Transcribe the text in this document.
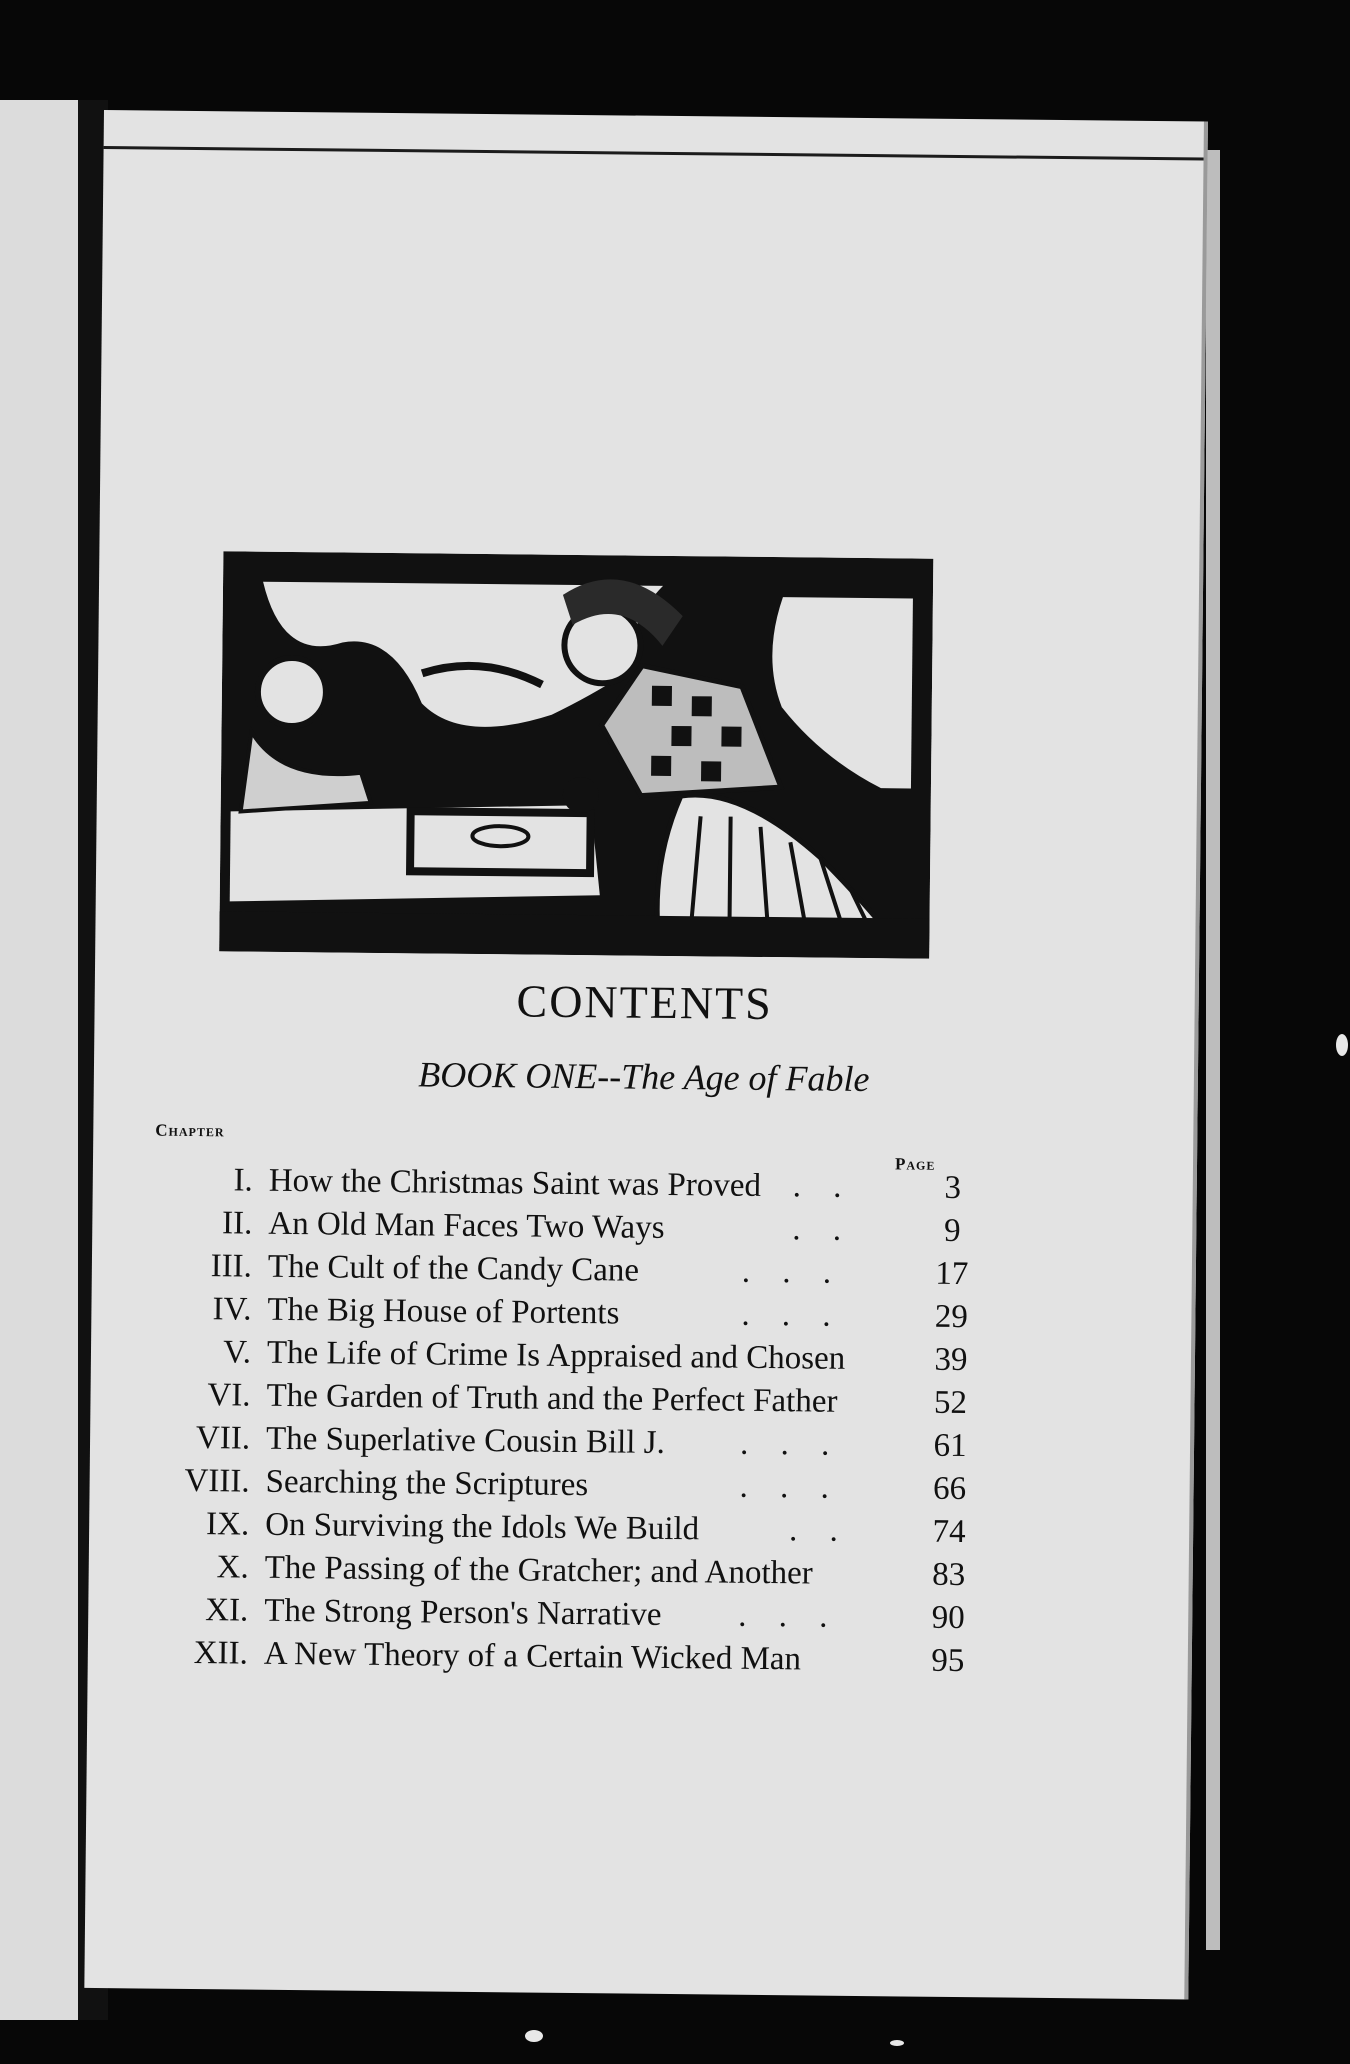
CONTENTS
BOOK ONE--The Age of Fable
Chapter
Page
I. How the Christmas Saint was Proved . .	3
II. An Old Man Faces Two Ways	. .	9
III. The Cult of the Candy Cane	. . .	17
IV. The Big House of Portents	. . .	29
V. The Life of Crime Is Appraised and Chosen	39
VI. The Garden of Truth and the Perfect Father	52
VII. The Superlative Cousin Bill J. . . .	61
VIII. Searching the Scriptures	. . .	66
IX. On Surviving the Idols We Build	. .	74
X. The Passing of the Gratcher; and Another	83
XI. The Strong Person's Narrative . . .	90
XII. A New Theory of a Certain Wicked Man	95
